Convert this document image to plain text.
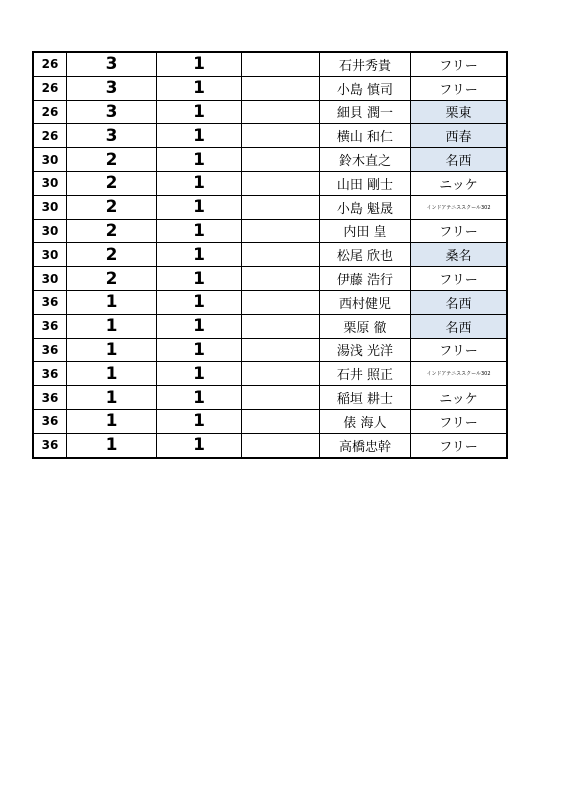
26	3	1		石井秀貴	フリー
26	3	1		小島 慎司	フリー
26	3	1		細貝 潤一	栗東
26	3	1		横山 和仁	西春
30	2	1		鈴木直之	名西
30	2	1		山田 剛士	ニッケ
30	2	1		小島 魁晟	インドアテニススクール302
30	2	1		内田 皇	フリー
30	2	1		松尾 欣也	桑名
30	2	1		伊藤 浩行	フリー
36	1	1		西村健児	名西
36	1	1		栗原 徹	名西
36	1	1		湯浅 光洋	フリー
36	1	1		石井 照正	インドアテニススクール302
36	1	1		稲垣 耕士	ニッケ
36	1	1		俵 海人	フリー
36	1	1		高橋忠幹	フリー
